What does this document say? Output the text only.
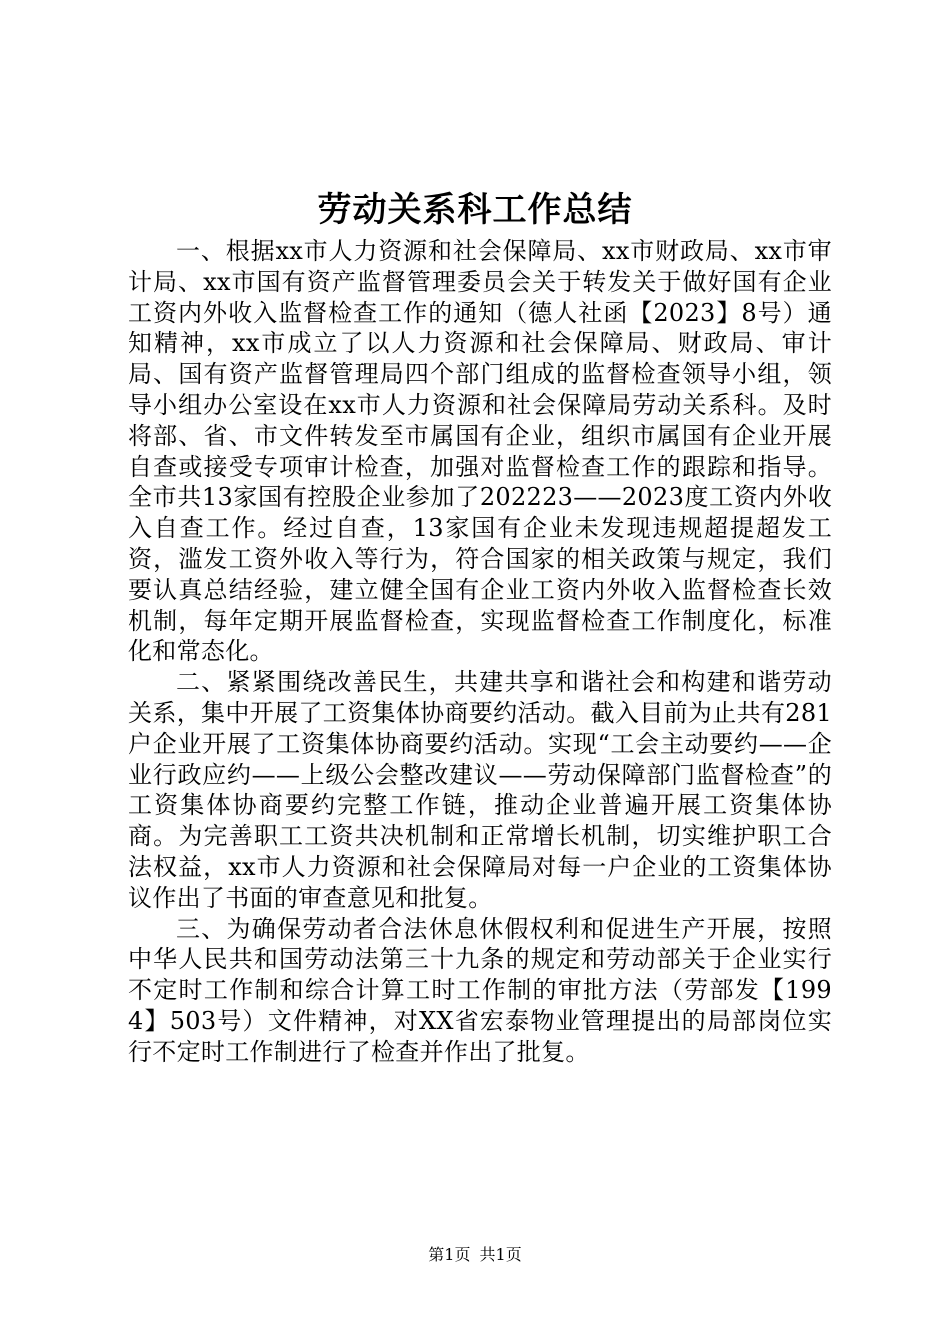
劳动关系科工作总结

一、根据xx市人力资源和社会保障局、xx市财政局、xx市审计局、xx市国有资产监督管理委员会关于转发关于做好国有企业工资内外收入监督检查工作的通知（德人社函【2023】8号）通知精神，xx市成立了以人力资源和社会保障局、财政局、审计局、国有资产监督管理局四个部门组成的监督检查领导小组，领导小组办公室设在xx市人力资源和社会保障局劳动关系科。及时将部、省、市文件转发至市属国有企业，组织市属国有企业开展自查或接受专项审计检查，加强对监督检查工作的跟踪和指导。全市共13家国有控股企业参加了202223——2023度工资内外收入自查工作。经过自查，13家国有企业未发现违规超提超发工资，滥发工资外收入等行为，符合国家的相关政策与规定，我们要认真总结经验，建立健全国有企业工资内外收入监督检查长效机制，每年定期开展监督检查，实现监督检查工作制度化，标准化和常态化。

二、紧紧围绕改善民生，共建共享和谐社会和构建和谐劳动关系，集中开展了工资集体协商要约活动。截入目前为止共有281户企业开展了工资集体协商要约活动。实现“工会主动要约——企业行政应约——上级公会整改建议——劳动保障部门监督检查”的工资集体协商要约完整工作链，推动企业普遍开展工资集体协商。为完善职工工资共决机制和正常增长机制，切实维护职工合法权益，xx市人力资源和社会保障局对每一户企业的工资集体协议作出了书面的审查意见和批复。

三、为确保劳动者合法休息休假权利和促进生产开展，按照中华人民共和国劳动法第三十九条的规定和劳动部关于企业实行不定时工作制和综合计算工时工作制的审批方法（劳部发【1994】503号）文件精神，对XX省宏泰物业管理提出的局部岗位实行不定时工作制进行了检查并作出了批复。

第1页 共1页
